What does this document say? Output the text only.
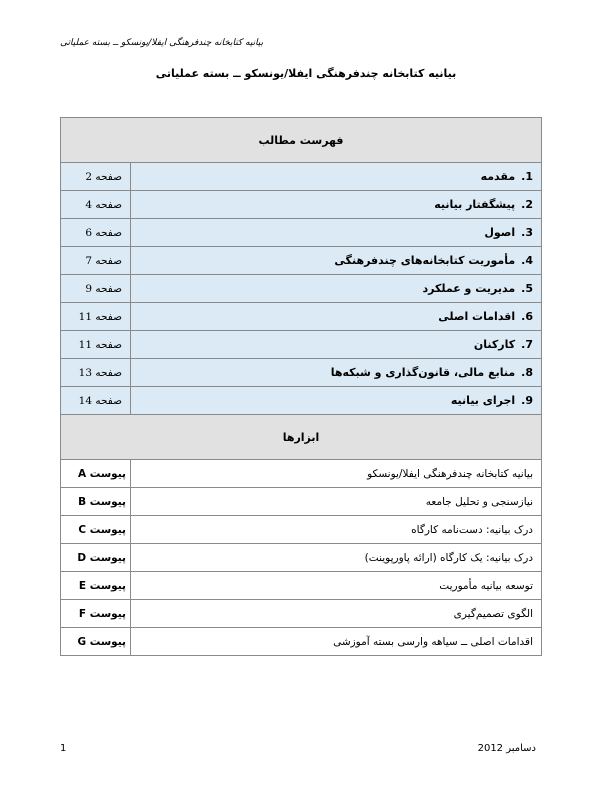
بیانیه کتابخانه چندفرهنگی ایفلا/یونسکو ــ بسته عملیاتی
بیانیه کتابخانه چندفرهنگی ایفلا/یونسکو ــ بسته عملیاتی
فهرست مطالب	
صفحه 2	1.مقدمه
صفحه 4	2.پیشگفتار بیانیه
صفحه 6	3.اصول
صفحه 7	4.مأموریت کتابخانه‌های چندفرهنگی
صفحه 9	5.مدیریت و عملکرد
صفحه 11	6.اقدامات اصلی
صفحه 11	7.کارکنان
صفحه 13	8.منابع مالی، قانون‌گذاری و شبکه‌ها
صفحه 14	9.اجرای بیانیه
ابزارها	
پیوست A	بیانیه کتابخانه چندفرهنگی ایفلا/یونسکو
پیوست B	نیازسنجی و تحلیل جامعه
پیوست C	درک بیانیه: دست‌نامه کارگاه
پیوست D	درک بیانیه: یک کارگاه (ارائه پاورپوینت)
پیوست E	توسعه بیانیه مأموریت
پیوست F	الگوی تصمیم‌گیری
پیوست G	اقدامات اصلی ــ سیاهه وارسی بسته آموزشی
1	دسامبر 2012
